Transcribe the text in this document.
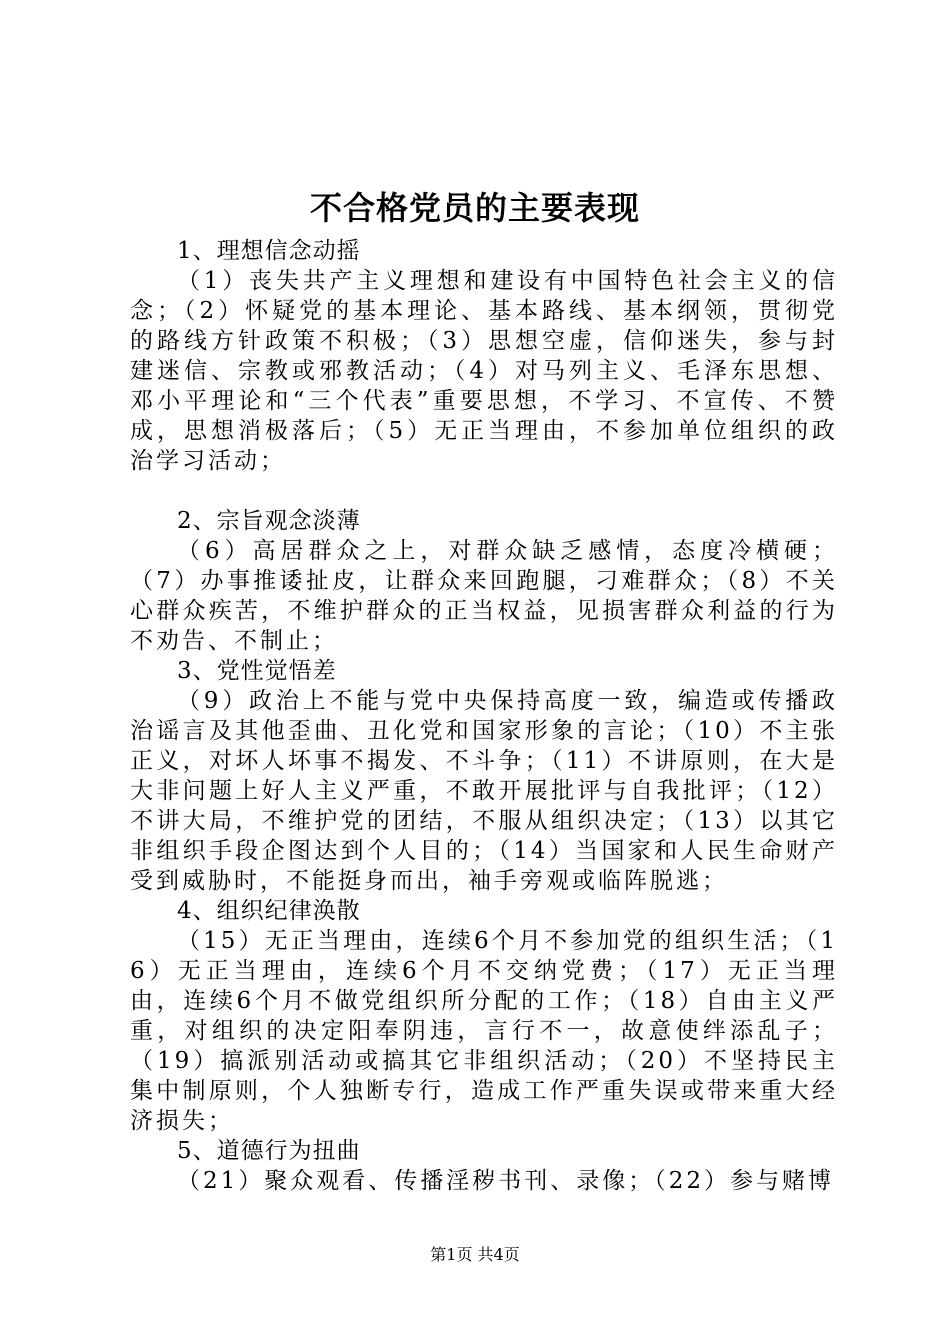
不合格党员的主要表现
1、理想信念动摇
（1）丧失共产主义理想和建设有中国特色社会主义的信念；（2）怀疑党的基本理论、基本路线、基本纲领，贯彻党的路线方针政策不积极；（3）思想空虚，信仰迷失，参与封建迷信、宗教或邪教活动；（4）对马列主义、毛泽东思想、邓小平理论和“三个代表”重要思想，不学习、不宣传、不赞成，思想消极落后；（5）无正当理由，不参加单位组织的政治学习活动；
2、宗旨观念淡薄
（6）高居群众之上，对群众缺乏感情，态度冷横硬；（7）办事推诿扯皮，让群众来回跑腿，刁难群众；（8）不关心群众疾苦，不维护群众的正当权益，见损害群众利益的行为不劝告、不制止；
3、党性觉悟差
（9）政治上不能与党中央保持高度一致，编造或传播政治谣言及其他歪曲、丑化党和国家形象的言论；（10）不主张正义，对坏人坏事不揭发、不斗争；（11）不讲原则，在大是大非问题上好人主义严重，不敢开展批评与自我批评；（12）不讲大局，不维护党的团结，不服从组织决定；（13）以其它非组织手段企图达到个人目的；（14）当国家和人民生命财产受到威胁时，不能挺身而出，袖手旁观或临阵脱逃；
4、组织纪律涣散
（15）无正当理由，连续6个月不参加党的组织生活；（16）无正当理由，连续6个月不交纳党费；（17）无正当理由，连续6个月不做党组织所分配的工作；（18）自由主义严重，对组织的决定阳奉阴违，言行不一，故意使绊添乱子；（19）搞派别活动或搞其它非组织活动；（20）不坚持民主集中制原则，个人独断专行，造成工作严重失误或带来重大经济损失；
5、道德行为扭曲
（21）聚众观看、传播淫秽书刊、录像；（22）参与赌博
第1页 共4页
